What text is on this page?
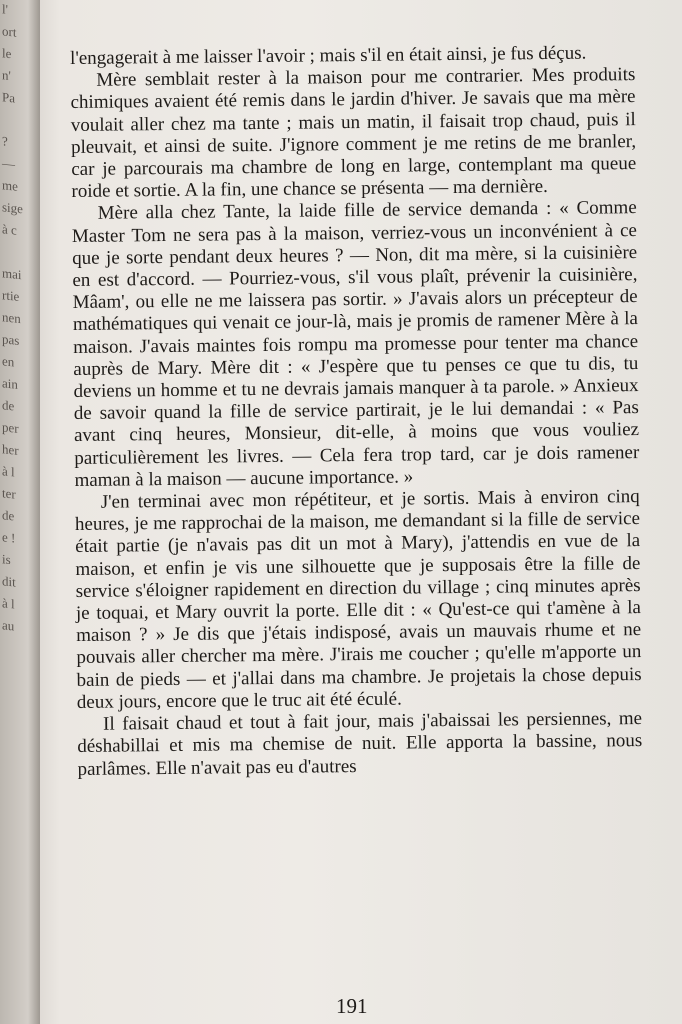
l'
ort
le
n'
Pa

?
—
me
sige
à c

mai
rtie
nen
pas
en
ain
de
per
her
à l
ter
de
e !
is
dit
à l
au

l'engagerait à me laisser l'avoir ; mais s'il en était ainsi, je fus déçus.

Mère semblait rester à la maison pour me contrarier. Mes produits chimiques avaient été remis dans le jardin d'hiver. Je savais que ma mère voulait aller chez ma tante ; mais un matin, il faisait trop chaud, puis il pleuvait, et ainsi de suite. J'ignore comment je me retins de me branler, car je parcourais ma chambre de long en large, contemplant ma queue roide et sortie. A la fin, une chance se présenta — ma dernière.

Mère alla chez Tante, la laide fille de service demanda : « Comme Master Tom ne sera pas à la maison, verriez-vous un inconvénient à ce que je sorte pendant deux heures ? — Non, dit ma mère, si la cuisinière en est d'accord. — Pourriez-vous, s'il vous plaît, prévenir la cuisinière, Mâam', ou elle ne me laissera pas sortir. » J'avais alors un précepteur de mathématiques qui venait ce jour-là, mais je promis de ramener Mère à la maison. J'avais maintes fois rompu ma promesse pour tenter ma chance auprès de Mary. Mère dit : « J'espère que tu penses ce que tu dis, tu deviens un homme et tu ne devrais jamais manquer à ta parole. » Anxieux de savoir quand la fille de service partirait, je le lui demandai : « Pas avant cinq heures, Monsieur, dit-elle, à moins que vous vouliez particulièrement les livres. — Cela fera trop tard, car je dois ramener maman à la maison — aucune importance. »

J'en terminai avec mon répétiteur, et je sortis. Mais à environ cinq heures, je me rapprochai de la maison, me demandant si la fille de service était partie (je n'avais pas dit un mot à Mary), j'attendis en vue de la maison, et enfin je vis une silhouette que je supposais être la fille de service s'éloigner rapidement en direction du village ; cinq minutes après je toquai, et Mary ouvrit la porte. Elle dit : « Qu'est-ce qui t'amène à la maison ? » Je dis que j'étais indisposé, avais un mauvais rhume et ne pouvais aller chercher ma mère. J'irais me coucher ; qu'elle m'apporte un bain de pieds — et j'allai dans ma chambre. Je projetais la chose depuis deux jours, encore que le truc ait été éculé.

Il faisait chaud et tout à fait jour, mais j'abaissai les persiennes, me déshabillai et mis ma chemise de nuit. Elle apporta la bassine, nous parlâmes. Elle n'avait pas eu d'autres

191
